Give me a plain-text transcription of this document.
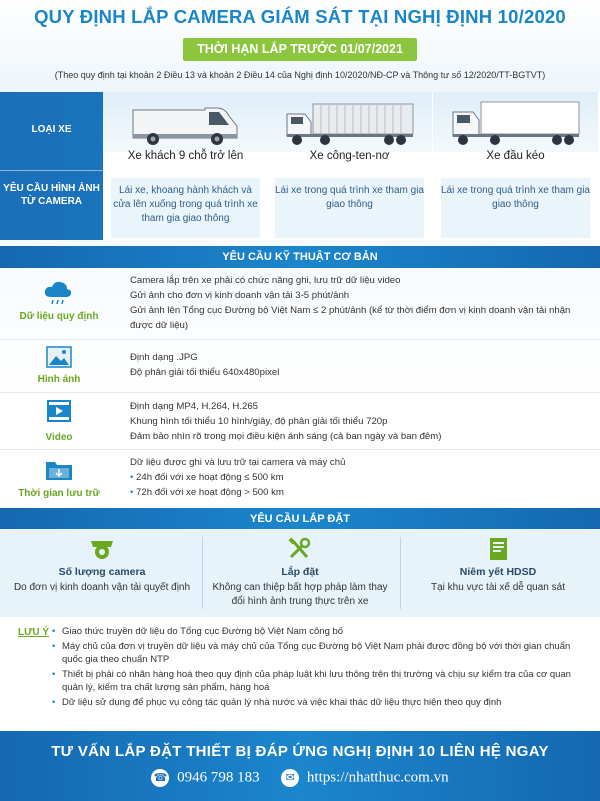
QUY ĐỊNH LẮP CAMERA GIÁM SÁT TẠI NGHỊ ĐỊNH 10/2020
THỜI HẠN LẮP TRƯỚC 01/07/2021
(Theo quy định tại khoản 2 Điều 13 và khoản 2 Điều 14 của Nghị định 10/2020/NĐ-CP và Thông tư số 12/2020/TT-BGTVT)
LOẠI XE
YÊU CẦU HÌNH ẢNH TỪ CAMERA
Xe khách 9 chỗ trở lên
Lái xe, khoang hành khách và cửa lên xuống trong quá trình xe tham gia giao thông
Xe công-ten-nơ
Lái xe trong quá trình xe tham gia giao thông
Xe đầu kéo
Lái xe trong quá trình xe tham gia giao thông
YÊU CẦU KỸ THUẬT CƠ BẢN
Dữ liệu quy định
Camera lắp trên xe phải có chức năng ghi, lưu trữ dữ liệu video
Gửi ảnh cho đơn vị kinh doanh vận tải 3-5 phút/ảnh
Gửi ảnh lên Tổng cục Đường bộ Việt Nam ≤ 2 phút/ảnh (kể từ thời điểm đơn vị kinh doanh vận tải nhận được dữ liệu)
Hình ảnh
Định dạng .JPG
Độ phân giải tối thiểu 640x480pixel
Video
Định dạng MP4, H.264, H.265
Khung hình tối thiểu 10 hình/giây, độ phân giải tối thiểu 720p
Đảm bảo nhìn rõ trong mọi điều kiện ánh sáng (cả ban ngày và ban đêm)
Thời gian lưu trữ
Dữ liệu được ghi và lưu trữ tại camera và máy chủ
• 24h đối với xe hoạt động ≤ 500 km
• 72h đối với xe hoạt động > 500 km
YÊU CẦU LẮP ĐẶT
Số lượng camera
Do đơn vị kinh doanh vận tải quyết định
Lắp đặt
Không can thiệp bất hợp pháp làm thay đổi hình ảnh trung thực trên xe
Niêm yết HDSD
Tại khu vực tài xế dễ quan sát
LƯU Ý
•	Giao thức truyền dữ liệu do Tổng cục Đường bộ Việt Nam công bố
• Máy chủ của đơn vị truyền dữ liệu và máy chủ của Tổng cục Đường bộ Việt Nam phải được đồng bộ với thời gian chuẩn quốc gia theo chuẩn NTP
• Thiết bị phải có nhãn hàng hoá theo quy định của pháp luật khi lưu thông trên thị trường và chịu sự kiểm tra của cơ quan quản lý, kiểm tra chất lượng sản phẩm, hàng hoá
• Dữ liệu sử dụng để phục vụ công tác quản lý nhà nước và việc khai thác dữ liệu thực hiện theo quy định
TƯ VẤN LẮP ĐẶT THIẾT BỊ ĐÁP ỨNG NGHỊ ĐỊNH 10 LIÊN HỆ NGAY
☎ 0946 798 183 ✉ https://nhatthuc.com.vn
